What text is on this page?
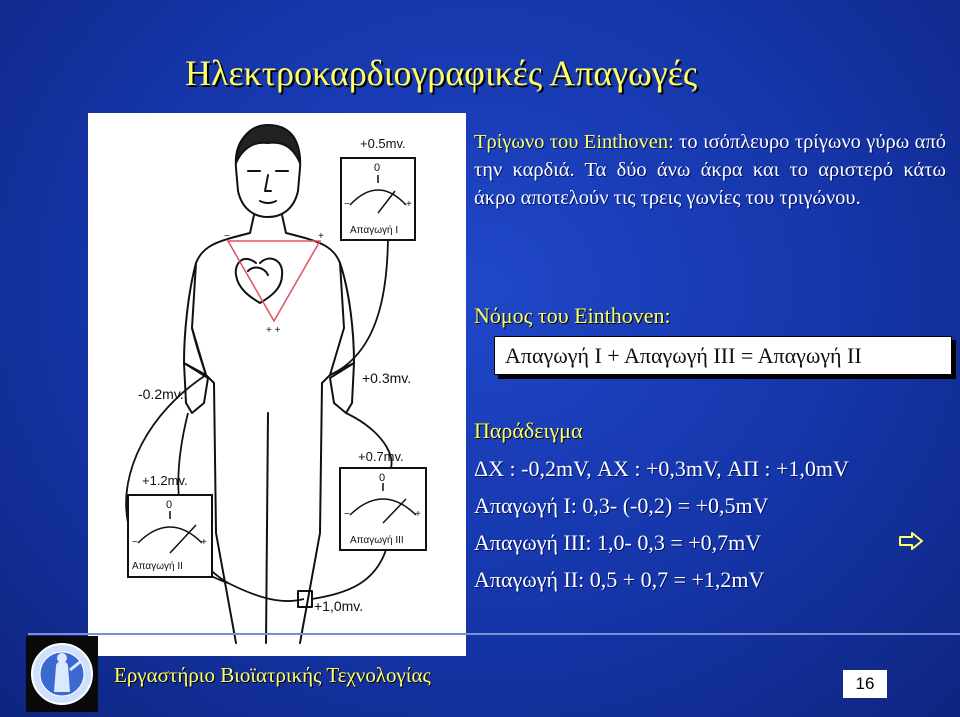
Ηλεκτροκαρδιογραφικές Απαγωγές
−	+
+ +
−	+
+0.5mv.
0
Απαγωγή Ι
−	+
+1.2mv.
0
Απαγωγή ΙΙ
−	+
+0.7mv.
0
Απαγωγή ΙΙΙ
-0.2mv.
+0.3mv.
+1,0mv.
Τρίγωνο του Einthoven: το ισόπλευρο τρίγωνο γύρω από την καρδιά. Τα δύο άνω άκρα και το αριστερό κάτω άκρο αποτελούν τις τρεις γωνίες του τριγώνου.
Νόμος του Einthoven:
Απαγωγή Ι + Απαγωγή ΙΙΙ = Απαγωγή ΙΙ
Παράδειγμα
ΔΧ : -0,2mV, ΑΧ : +0,3mV, ΑΠ : +1,0mV
Απαγωγή Ι: 0,3- (-0,2) = +0,5mV
Απαγωγή ΙΙΙ: 1,0- 0,3 = +0,7mV
Απαγωγή ΙΙ: 0,5 + 0,7 = +1,2mV
Εργαστήριο Βιοϊατρικής Τεχνολογίας	16
